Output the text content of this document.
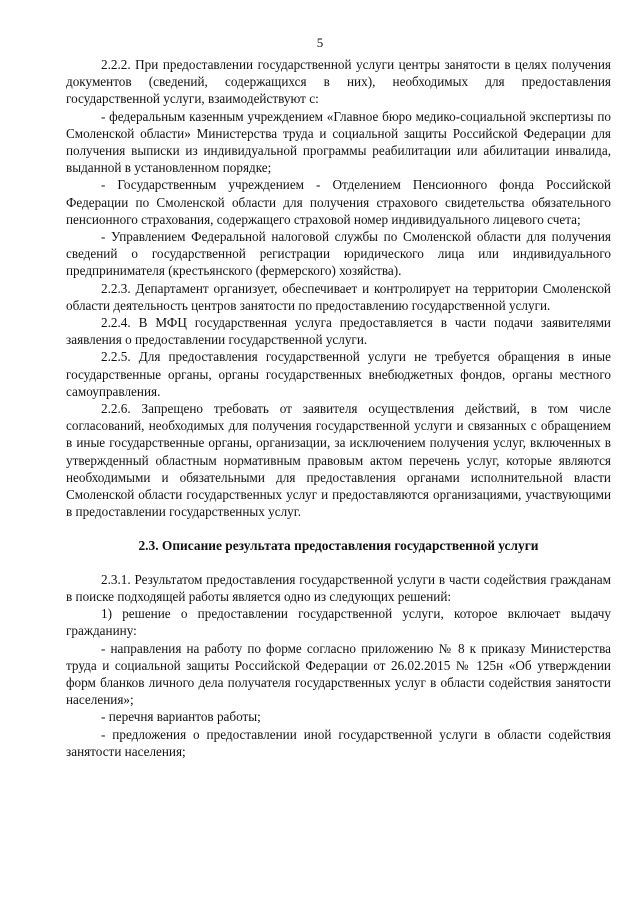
5

2.2.2. При предоставлении государственной услуги центры занятости в целях получения документов (сведений, содержащихся в них), необходимых для предоставления государственной услуги, взаимодействуют с:

- федеральным казенным учреждением «Главное бюро медико-социальной экспертизы по Смоленской области» Министерства труда и социальной защиты Российской Федерации для получения выписки из индивидуальной программы реабилитации или абилитации инвалида, выданной в установленном порядке;

- Государственным учреждением - Отделением Пенсионного фонда Российской Федерации по Смоленской области для получения страхового свидетельства обязательного пенсионного страхования, содержащего страховой номер индивидуального лицевого счета;

- Управлением Федеральной налоговой службы по Смоленской области для получения сведений о государственной регистрации юридического лица или индивидуального предпринимателя (крестьянского (фермерского) хозяйства).

2.2.3. Департамент организует, обеспечивает и контролирует на территории Смоленской области деятельность центров занятости по предоставлению государственной услуги.

2.2.4. В МФЦ государственная услуга предоставляется в части подачи заявителями заявления о предоставлении государственной услуги.

2.2.5. Для предоставления государственной услуги не требуется обращения в иные государственные органы, органы государственных внебюджетных фондов, органы местного самоуправления.

2.2.6. Запрещено требовать от заявителя осуществления действий, в том числе согласований, необходимых для получения государственной услуги и связанных с обращением в иные государственные органы, организации, за исключением получения услуг, включенных в утвержденный областным нормативным правовым актом перечень услуг, которые являются необходимыми и обязательными для предоставления органами исполнительной власти Смоленской области государственных услуг и предоставляются организациями, участвующими в предоставлении государственных услуг.

2.3. Описание результата предоставления государственной услуги

2.3.1. Результатом предоставления государственной услуги в части содействия гражданам в поиске подходящей работы является одно из следующих решений:

1) решение о предоставлении государственной услуги, которое включает выдачу гражданину:

- направления на работу по форме согласно приложению № 8 к приказу Министерства труда и социальной защиты Российской Федерации от 26.02.2015 № 125н «Об утверждении форм бланков личного дела получателя государственных услуг в области содействия занятости населения»;

- перечня вариантов работы;

- предложения о предоставлении иной государственной услуги в области содействия занятости населения;
